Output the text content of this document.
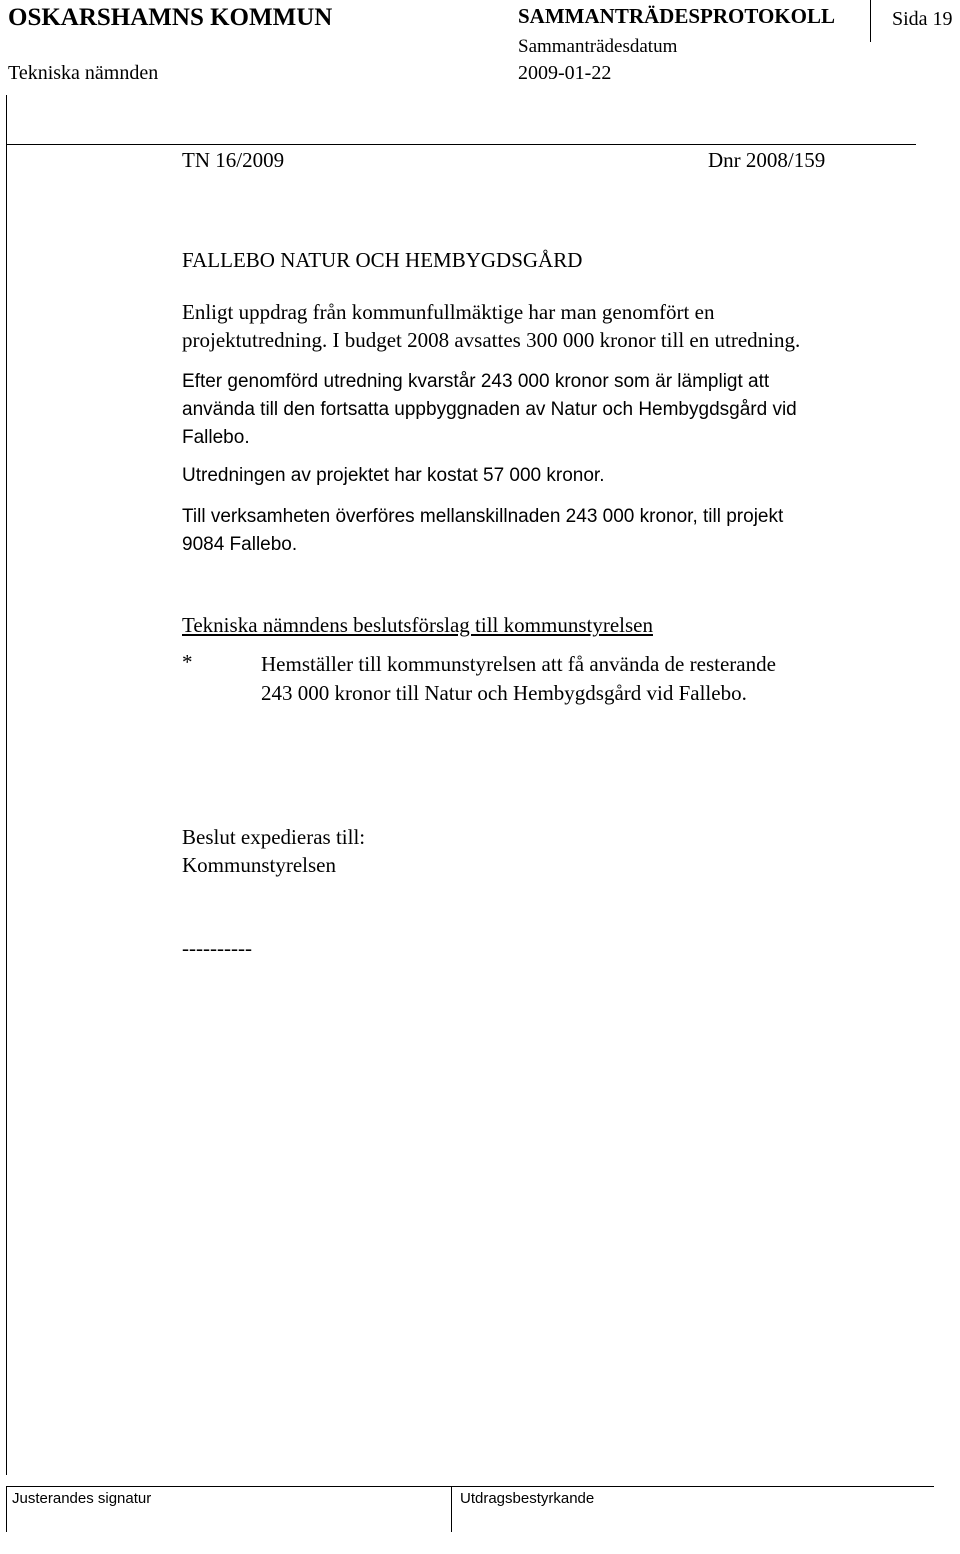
OSKARSHAMNS KOMMUN
Tekniska nämnden
SAMMANTRÄDESPROTOKOLL
Sammanträdesdatum
2009-01-22
Sida 19
TN 16/2009	Dnr 2008/159
FALLEBO NATUR OCH HEMBYGDSGÅRD
Enligt uppdrag från kommunfullmäktige har man genomfört en
projektutredning. I budget 2008 avsattes 300 000 kronor till en utredning.
Efter genomförd utredning kvarstår 243 000 kronor som är lämpligt att
använda till den fortsatta uppbyggnaden av Natur och Hembygdsgård vid
Fallebo.
Utredningen av projektet har kostat 57 000 kronor.
Till verksamheten överföres mellanskillnaden 243 000 kronor, till projekt
9084 Fallebo.
Tekniska nämndens beslutsförslag till kommunstyrelsen
*	Hemställer till kommunstyrelsen att få använda de resterande
243 000 kronor till Natur och Hembygdsgård vid Fallebo.
Beslut expedieras till:
Kommunstyrelsen
----------
Justerandes signatur	Utdragsbestyrkande
